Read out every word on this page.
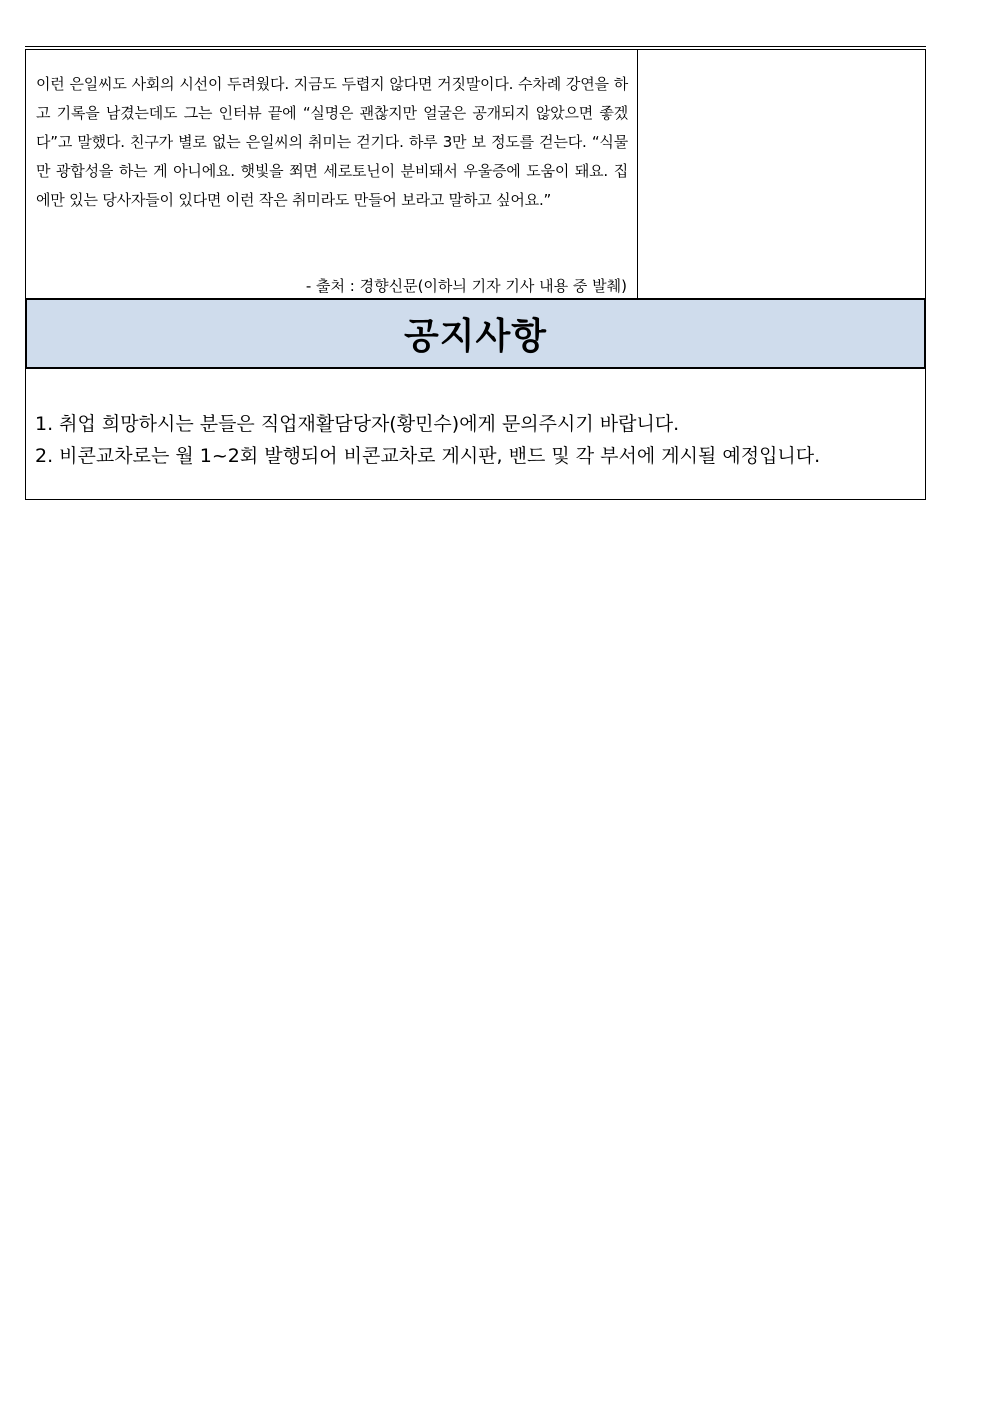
이런 은일씨도 사회의 시선이 두려웠다. 지금도 두렵지 않다면 거짓말이다. 수차례 강연을 하고 기록을 남겼는데도 그는 인터뷰 끝에 “실명은 괜찮지만 얼굴은 공개되지 않았으면 좋겠다”고 말했다. 친구가 별로 없는 은일씨의 취미는 걷기다. 하루 3만 보 정도를 걷는다. “식물만 광합성을 하는 게 아니에요. 햇빛을 쬐면 세로토닌이 분비돼서 우울증에 도움이 돼요. 집에만 있는 당사자들이 있다면 이런 작은 취미라도 만들어 보라고 말하고 싶어요.”

- 출처 : 경향신문(이하늬 기자 기사 내용 중 발췌)
공지사항
1. 취업 희망하시는 분들은 직업재활담당자(황민수)에게 문의주시기 바랍니다.
2. 비콘교차로는 월 1~2회 발행되어 비콘교차로 게시판, 밴드 및 각 부서에 게시될 예정입니다.
